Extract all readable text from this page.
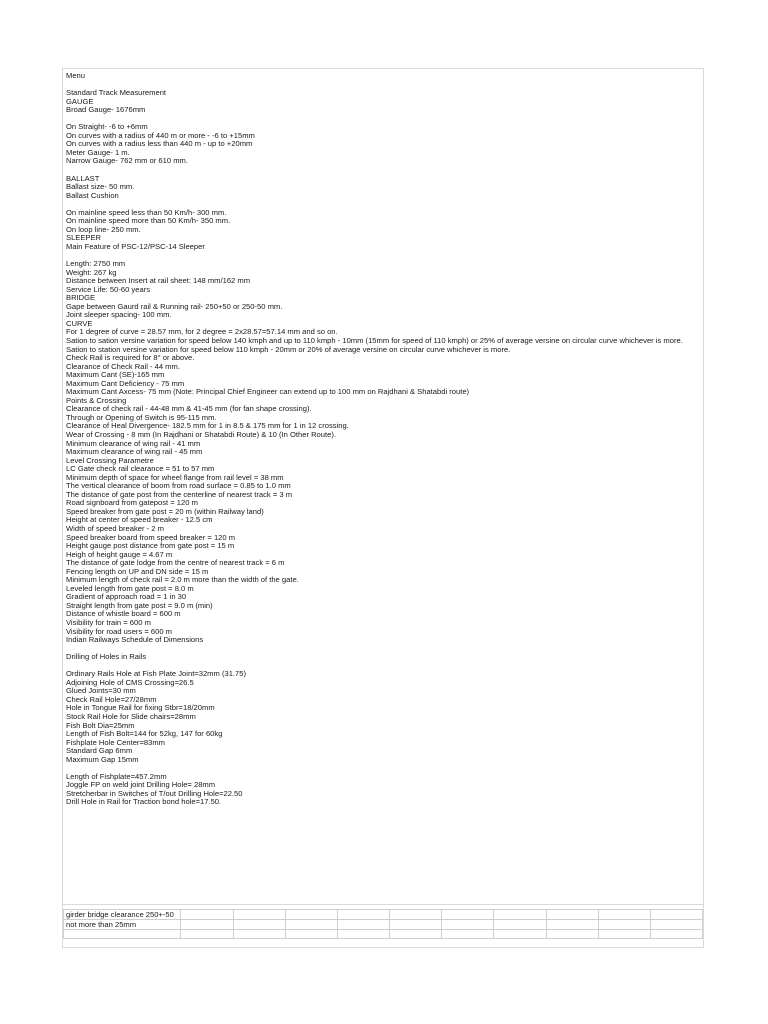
Menu
Standard Track Measurement
GAUGE
Broad Gauge- 1676mm
On Straight- -6 to +6mm
On curves with a radius of 440 m or more - -6 to +15mm
On curves with a radius less than 440 m - up to +20mm
Meter Gauge- 1 m.
Narrow Gauge- 762 mm or 610 mm.
BALLAST
Ballast size- 50 mm.
Ballast Cushion
On mainline speed less than 50 Km/h- 300 mm.
On mainline speed more than 50 Km/h- 350 mm.
On loop line- 250 mm.
SLEEPER
Main Feature of PSC-12/PSC-14 Sleeper
Length: 2750 mm
Weight: 267 kg
Distance between Insert at rail sheet: 148 mm/162 mm
Service Life: 50-60 years
BRIDGE
Gape between Gaurd rail & Running rail- 250+50 or 250-50 mm.
Joint sleeper spacing- 100 mm.
CURVE
For 1 degree of curve = 28.57 mm, for 2 degree = 2x28.57=57.14 mm and so on.
Sation to sation versine variation for speed below 140 kmph and up to 110 kmph - 10mm (15mm for speed of 110 kmph) or 25% of average versine on circular curve whichever is more.
Sation to station versine variation for speed below 110 kmph - 20mm or 20% of average versine on circular curve whichever is more.
Check Rail is required for 8° or above.
Clearance of Check Rail - 44 mm.
Maximum Cant (SE)-165 mm
Maximum Cant Deficiency - 75 mm
Maximum Cant Axcess- 75 mm (Note: Principal Chief Engineer can extend up to 100 mm on Rajdhani & Shatabdi route)
Points & Crossing
Clearance of check rail - 44-48 mm & 41-45 mm (for fan shape crossing).
Through or Opening of Switch is 95-115 mm.
Clearance of Heal Divergence- 182.5 mm for 1 in 8.5 & 175 mm for 1 in 12 crossing.
Wear of Crossing - 8 mm (In Rajdhani or Shatabdi Route) & 10 (In Other Route).
Minimum clearance of wing rail - 41 mm
Maximum clearance of wing rail - 45 mm
Level Crossing Parametre
LC Gate check rail clearance = 51 to 57 mm
Minimum depth of space for wheel flange from rail level = 38 mm
The vertical clearance of boom from road surface = 0.85 to 1.0 mm
The distance of gate post from the centerline of nearest track = 3 m
Road signboard from gatepost = 120 m
Speed breaker from gate post = 20 m (within Railway land)
Height at center of speed breaker - 12.5 cm
Width of speed breaker - 2 m
Speed breaker board from speed breaker = 120 m
Height gauge post distance from gate post = 15 m
Heigh of height gauge = 4.67 m
The distance of gate lodge from the centre of nearest track = 6 m
Fencing length on UP and DN side = 15 m
Minimum length of check rail = 2.0 m more than the width of the gate.
Leveled length from gate post = 8.0 m
Gradient of approach road = 1 in 30
Straight length from gate post = 9.0 m (min)
Distance of whistle board = 600 m
Visibility for train = 600 m
Visibility for road users = 600 m
Indian Railways Schedule of Dimensions
Drilling of Holes in Rails
Ordinary Rails Hole at Fish Plate Joint=32mm (31.75)
Adjoining Hole of CMS Crossing=26.5
Glued Joints=30 mm
Check Rail Hole=27/28mm
Hole in Tongue Rail for fixing Stbr=18/20mm
Stock Rail Hole for Slide chairs=28mm
Fish Bolt Dia=25mm
Length of Fish Bolt=144 for 52kg, 147 for 60kg
Fishplate Hole Center=83mm
Standard Gap 6mm
Maximum Gap 15mm
Length of Fishplate=457.2mm
Joggle FP on weld joint Drilling Hole= 28mm
Stretcherbar in Switches of T/out Drilling Hole=22.50
Drill Hole in Rail for Traction bond hole=17.50.
girder bridge clearance 250+-50										
not more than 25mm										
